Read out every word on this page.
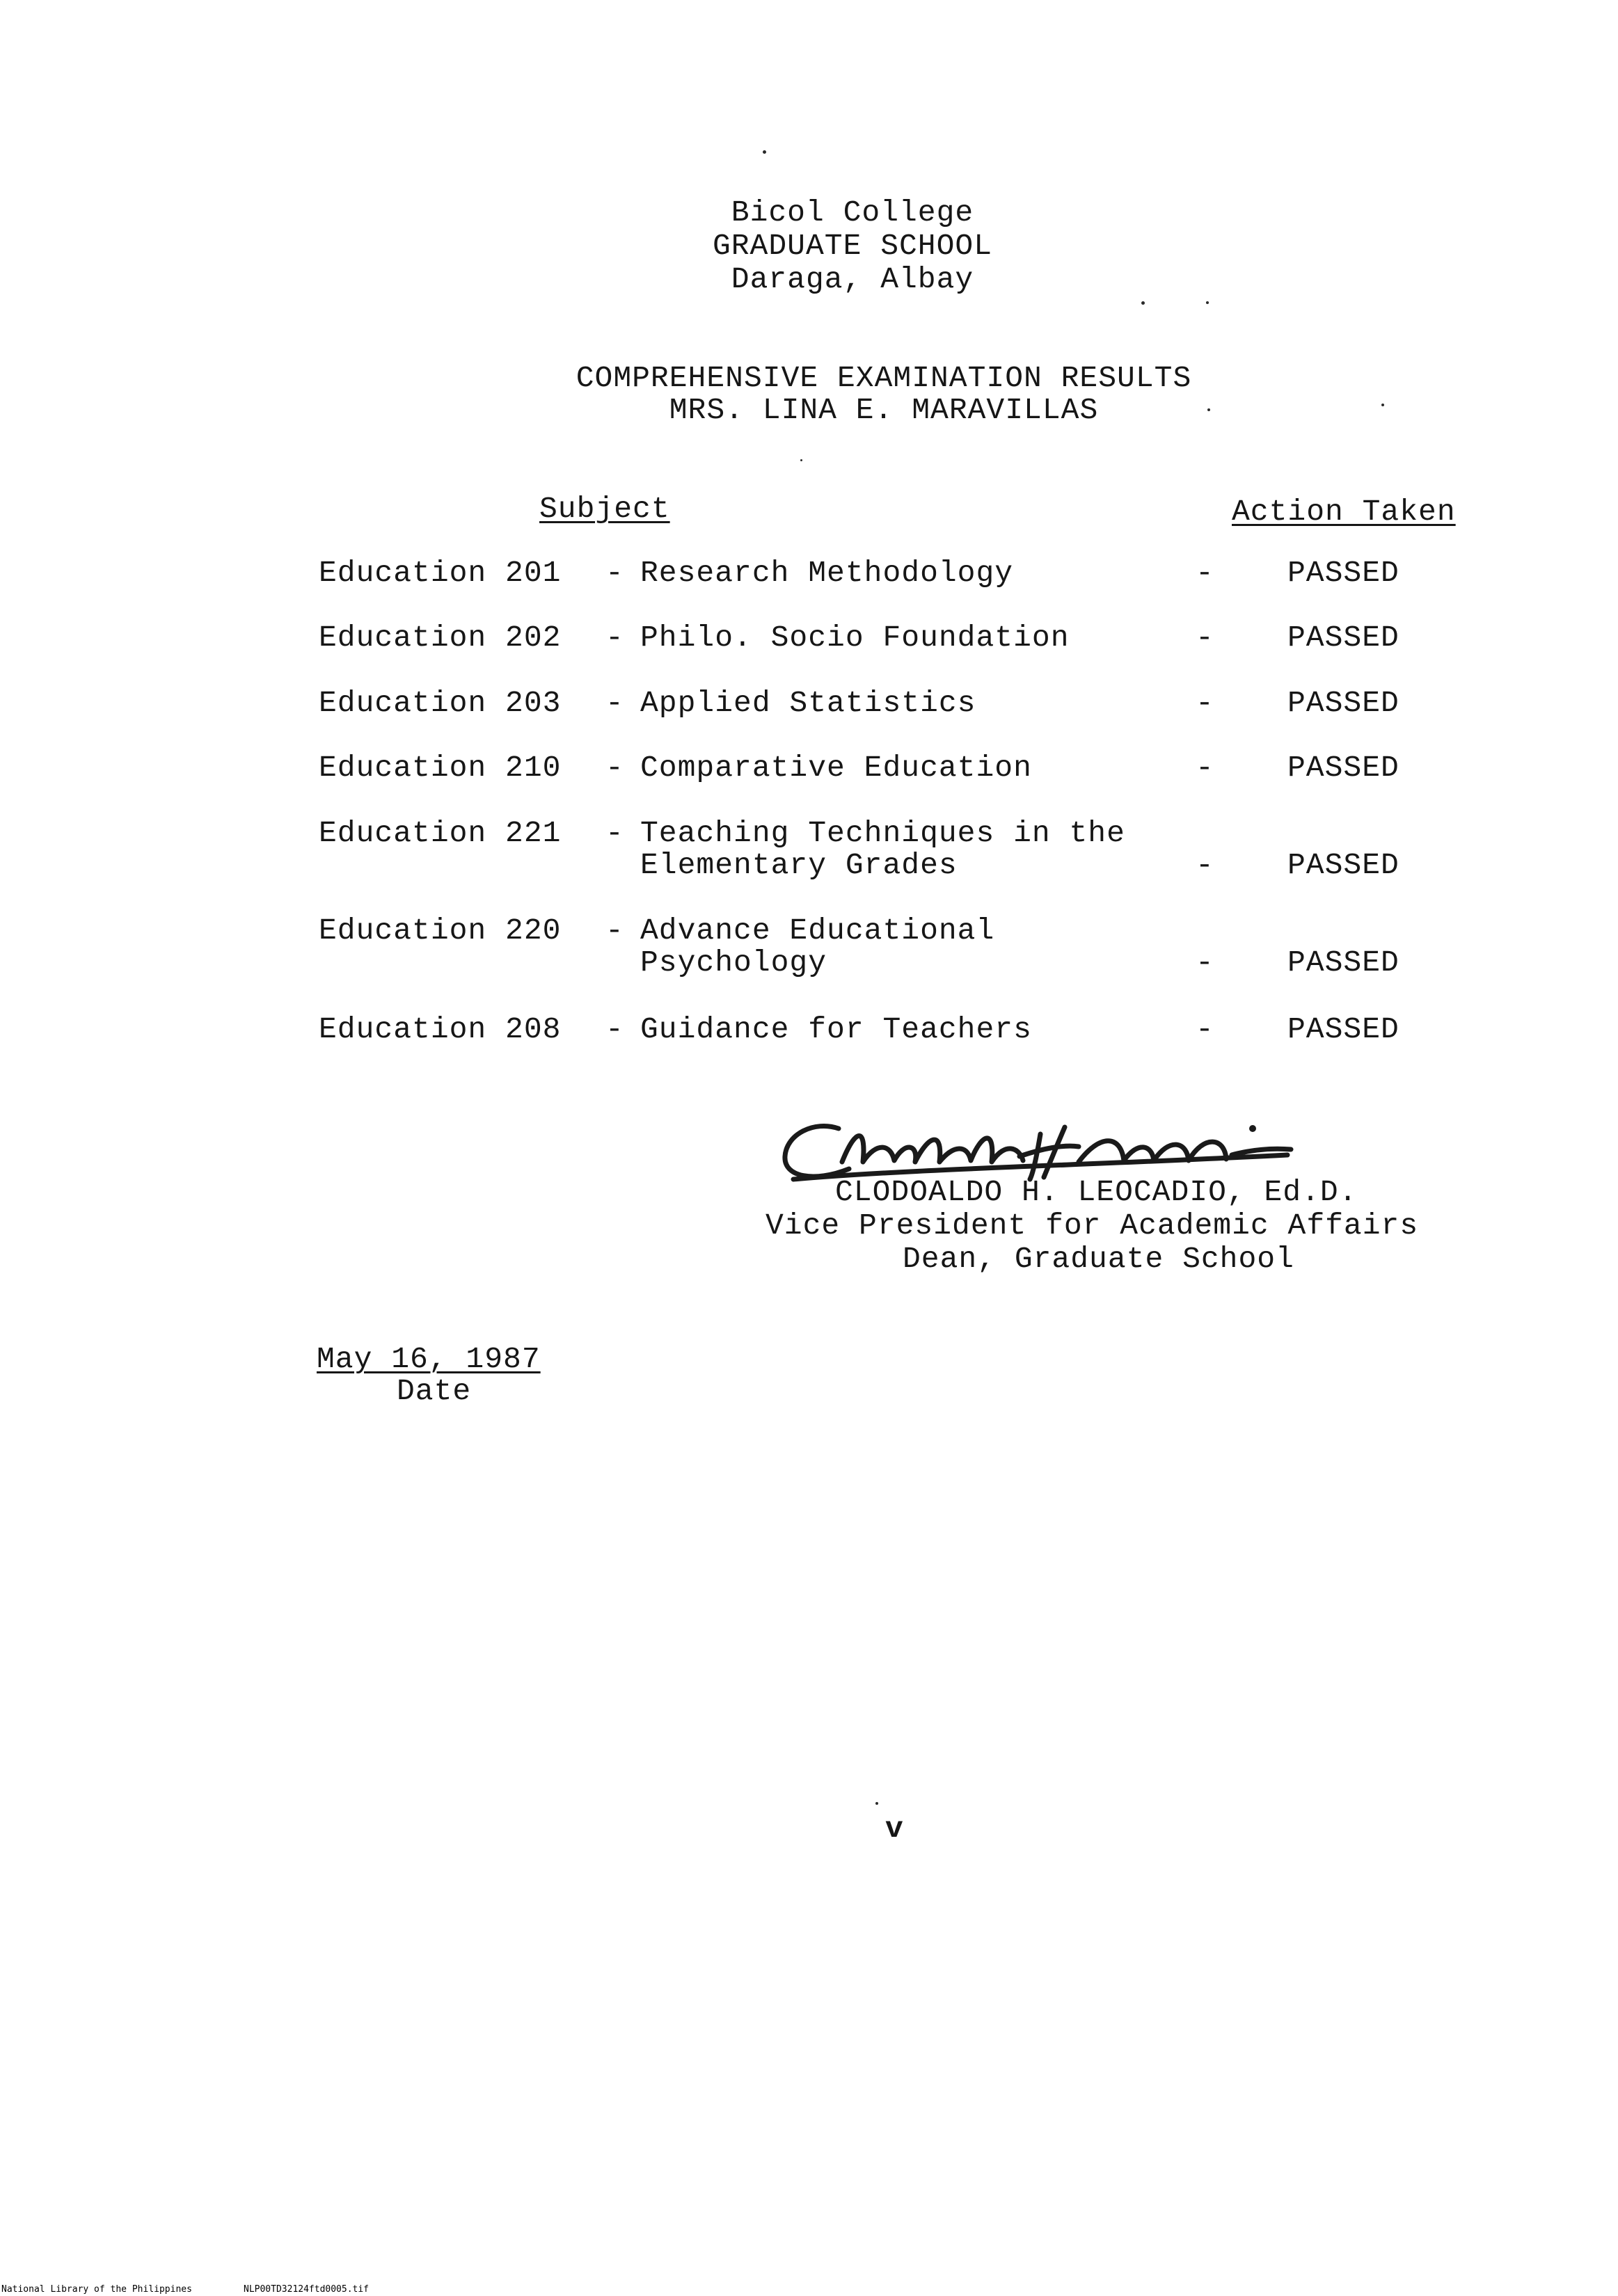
Bicol College
GRADUATE SCHOOL
Daraga, Albay
COMPREHENSIVE EXAMINATION RESULTS
MRS. LINA E. MARAVILLAS
Subject	Action Taken
Education 201 - Research Methodology	- PASSED
Education 202 - Philo. Socio Foundation	- PASSED
Education 203 - Applied Statistics	- PASSED
Education 210 - Comparative Education	- PASSED
Education 221 - Teaching Techniques in the
Elementary Grades	- PASSED
Education 220 - Advance Educational
Psychology	- PASSED
Education 208 - Guidance for Teachers	- PASSED
CLODOALDO H. LEOCADIO, Ed.D.
Vice President for Academic Affairs
Dean, Graduate School
May 16, 1987
Date
v
National Library of the Philippines	NLP00TD32124ftd0005.tif
